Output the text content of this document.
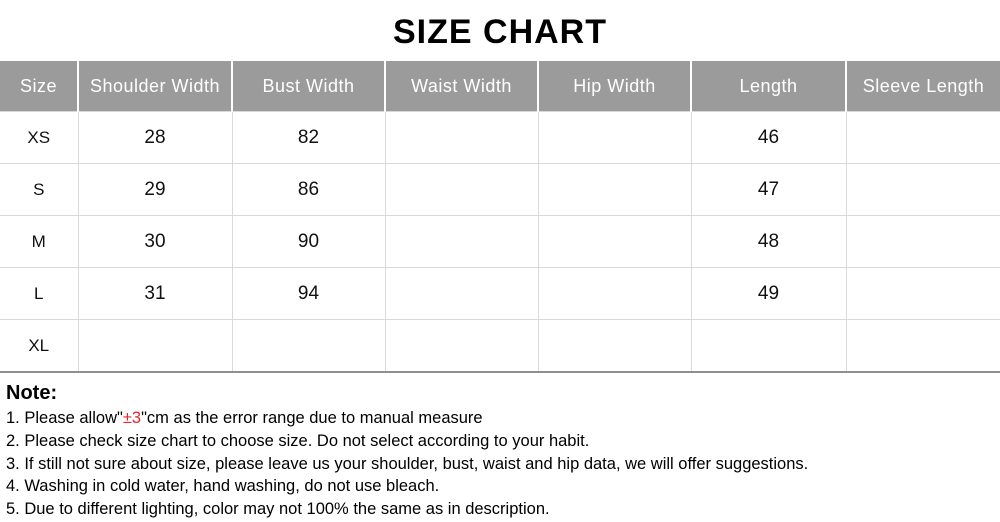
SIZE CHART
Size	Shoulder Width	Bust Width	Waist Width	Hip Width	Length	Sleeve Length
XS	28	82			46	
S	29	86			47	
M	30	90			48	
L	31	94			49	
XL						
Note:

1. Please allow"±3"cm as the error range due to manual measure

2. Please check size chart to choose size. Do not select according to your habit.

3. If still not sure about size, please leave us your shoulder, bust, waist and hip data, we will offer suggestions.

4. Washing in cold water, hand washing, do not use bleach.

5. Due to different lighting, color may not 100% the same as in description.
